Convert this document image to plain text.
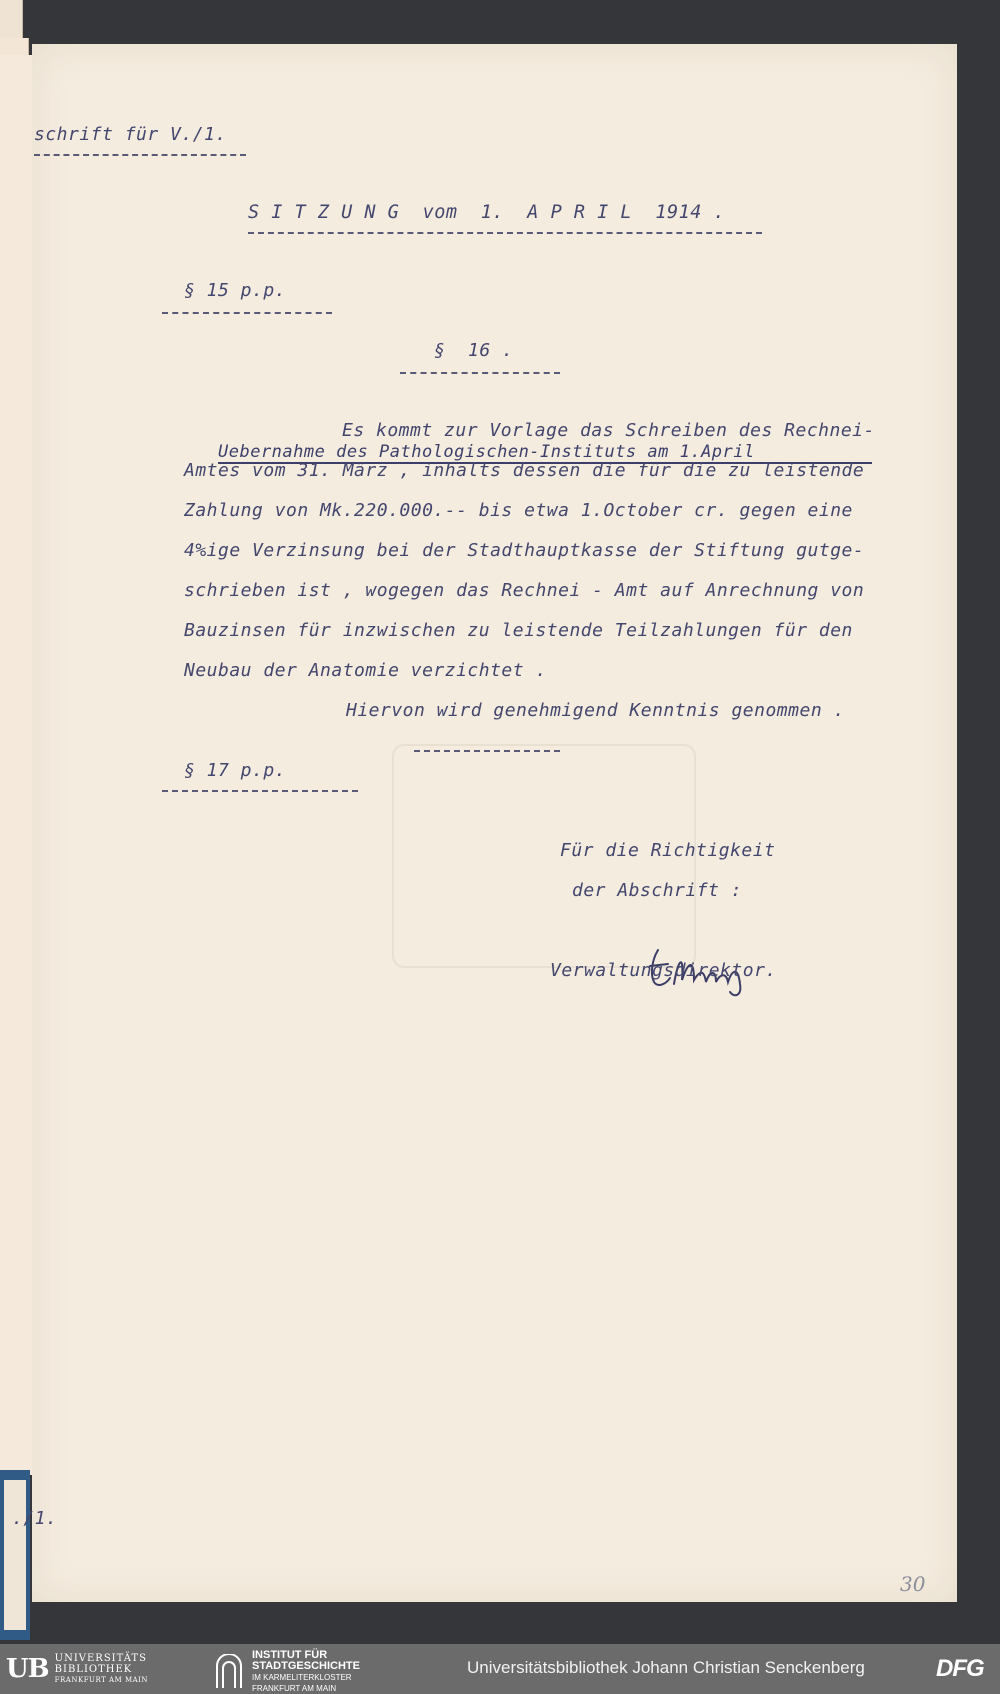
schrift für V./1.
S I T Z U N G  vom  1.  A P R I L  1914 .
§ 15 p.p.
§  16 .
Es kommt zur Vorlage das Schreiben des Rechnei-
Uebernahme des Pathologischen-Instituts am 1.April
Amtes vom 31. März , inhalts dessen die für die zu leistende
Zahlung von Mk.220.000.-- bis etwa 1.October cr. gegen eine
4%ige Verzinsung bei der Stadthauptkasse der Stiftung gutge-
schrieben ist , wogegen das Rechnei - Amt auf Anrechnung von
Bauzinsen für inzwischen zu leistende Teilzahlungen für den
Neubau der Anatomie verzichtet .
Hiervon wird genehmigend Kenntnis genommen .
§ 17 p.p.
Für die Richtigkeit
der Abschrift :
Verwaltungsdirektor.
30
./1.
UB UNIVERSITÄTS
BIBLIOTHEK
FRANKFURT AM MAIN
INSTITUT FÜR
STADTGESCHICHTE
IM KARMELITERKLOSTER
FRANKFURT AM MAIN
Universitätsbibliothek Johann Christian Senckenberg	DFG
